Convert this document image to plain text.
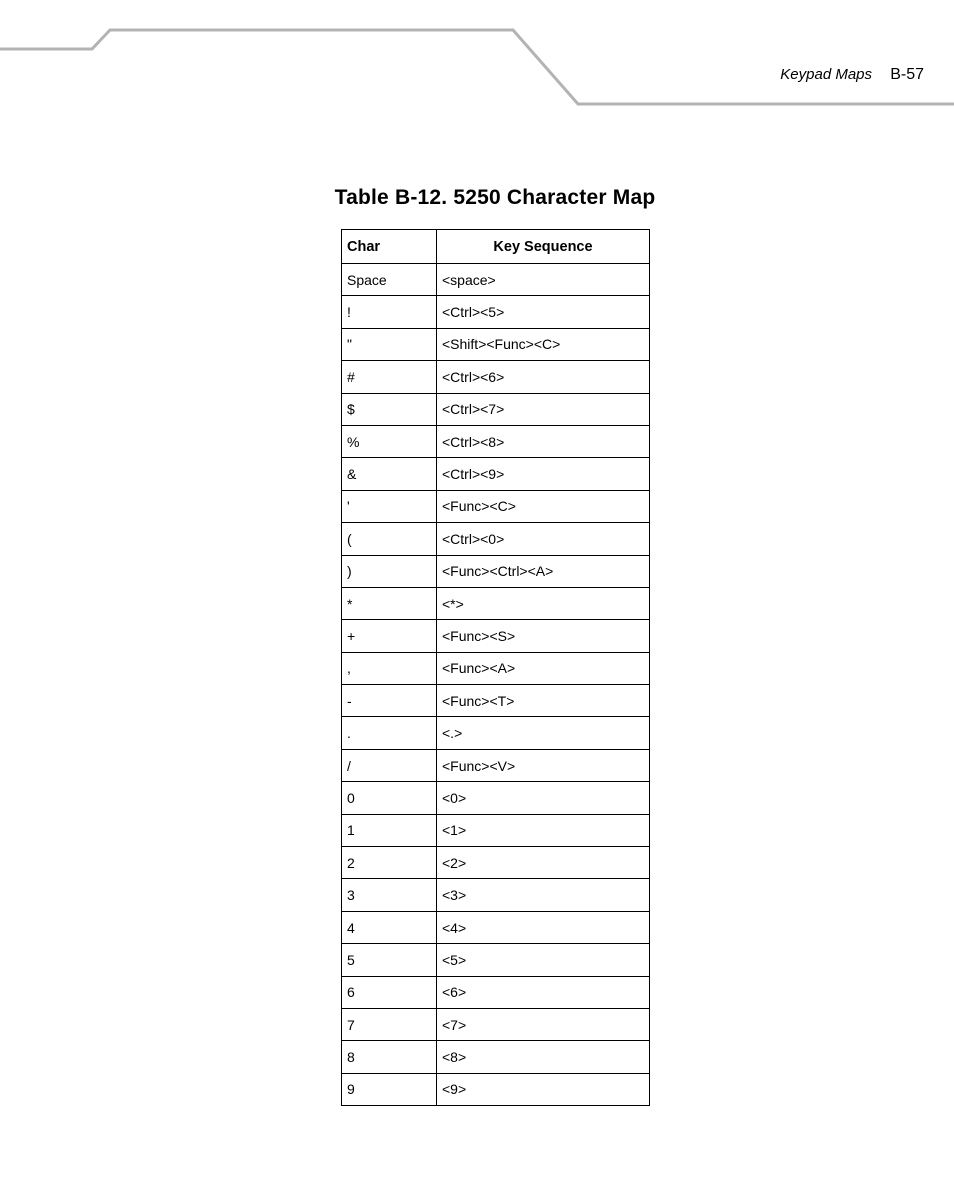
Keypad Maps B-57
Table B-12. 5250 Character Map
Char	Key Sequence
Space	<space>
!	<Ctrl><5>
"	<Shift><Func><C>
#	<Ctrl><6>
$	<Ctrl><7>
%	<Ctrl><8>
&	<Ctrl><9>
'	<Func><C>
(	<Ctrl><0>
)	<Func><Ctrl><A>
*	<*>
+	<Func><S>
,	<Func><A>
-	<Func><T>
.	<.>
/	<Func><V>
0	<0>
1	<1>
2	<2>
3	<3>
4	<4>
5	<5>
6	<6>
7	<7>
8	<8>
9	<9>
